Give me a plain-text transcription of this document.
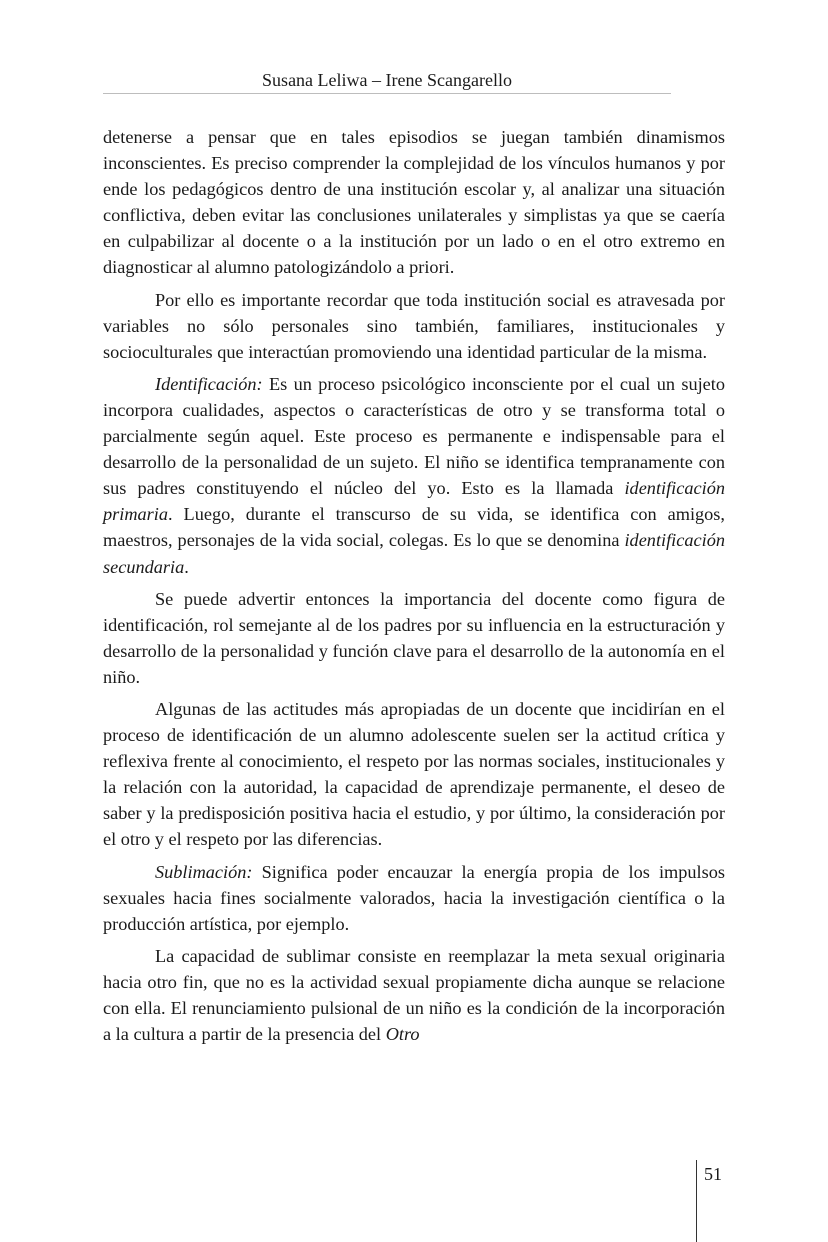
Susana Leliwa – Irene Scangarello

detenerse a pensar que en tales episodios se juegan también dinamismos inconscientes. Es preciso comprender la complejidad de los vínculos humanos y por ende los pedagógicos dentro de una institución escolar y, al analizar una situación conflictiva, deben evitar las conclusiones unilaterales y simplistas ya que se caería en culpabilizar al docente o a la institución por un lado o en el otro extremo en diagnosticar al alumno patologizándolo a priori.

Por ello es importante recordar que toda institución social es atravesada por variables no sólo personales sino también, familiares, institucionales y socioculturales que interactúan promoviendo una identidad particular de la misma.

Identificación: Es un proceso psicológico inconsciente por el cual un sujeto incorpora cualidades, aspectos o características de otro y se transforma total o parcialmente según aquel. Este proceso es permanente e indispensable para el desarrollo de la personalidad de un sujeto. El niño se identifica tempranamente con sus padres constituyendo el núcleo del yo. Esto es la llamada identificación primaria. Luego, durante el transcurso de su vida, se identifica con amigos, maestros, personajes de la vida social, colegas. Es lo que se denomina identificación secundaria.

Se puede advertir entonces la importancia del docente como figura de identificación, rol semejante al de los padres por su influencia en la estructuración y desarrollo de la personalidad y función clave para el desarrollo de la autonomía en el niño.

Algunas de las actitudes más apropiadas de un docente que incidirían en el proceso de identificación de un alumno adolescente suelen ser la actitud crítica y reflexiva frente al conocimiento, el respeto por las normas sociales, institucionales y la relación con la autoridad, la capacidad de aprendizaje permanente, el deseo de saber y la predisposición positiva hacia el estudio, y por último, la consideración por el otro y el respeto por las diferencias.

Sublimación: Significa poder encauzar la energía propia de los impulsos sexuales hacia fines socialmente valorados, hacia la investigación científica o la producción artística, por ejemplo.

La capacidad de sublimar consiste en reemplazar la meta sexual originaria hacia otro fin, que no es la actividad sexual propiamente dicha aunque se relacione con ella. El renunciamiento pulsional de un niño es la condición de la incorporación a la cultura a partir de la presencia del Otro

51
